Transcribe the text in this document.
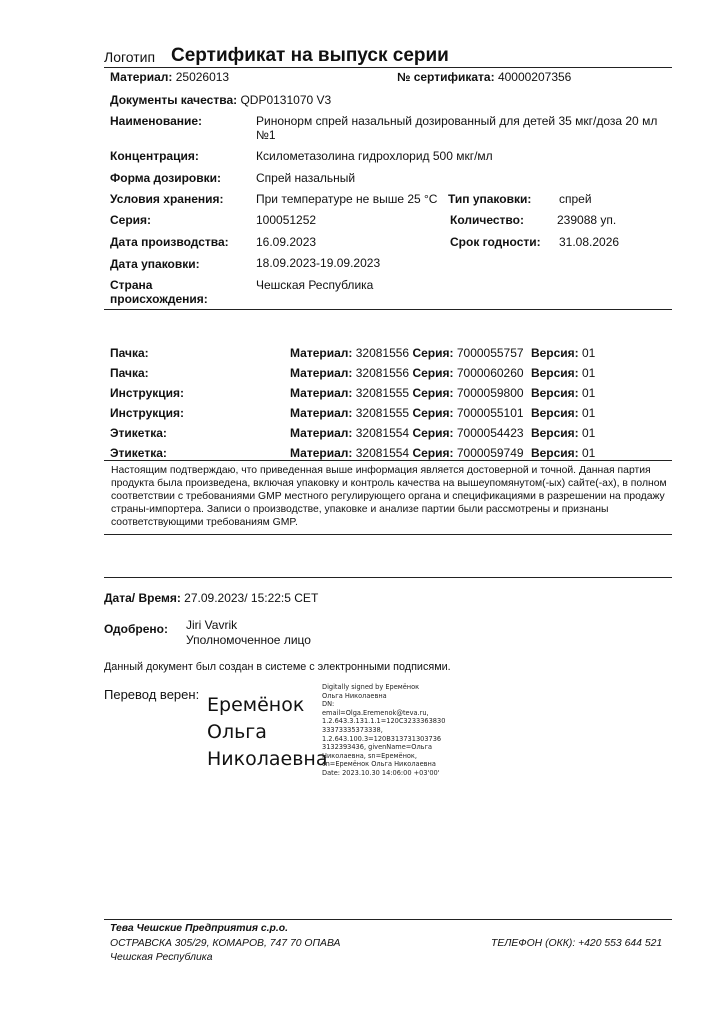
Логотип Сертификат на выпуск серии
Материал: 25026013	№ сертификата: 40000207356
Документы качества: QDP0131070 V3
Наименование:	Ринонорм спрей назальный дозированный для детей 35 мкг/доза 20 мл
№1
Концентрация:	Ксилометазолина гидрохлорид 500 мкг/мл
Форма дозировки:	Спрей назальный
Условия хранения:	При температуре не выше 25 °C Тип упаковки: спрей
Серия:	100051252	Количество:	239088 уп.
Дата производства: 16.09.2023	Срок годности: 31.08.2026
Дата упаковки:	18.09.2023-19.09.2023
Страна
происхождения:
Чешская Республика
Пачка:	Материал: 32081556 Серия: 7000055757 Версия: 01
Пачка:	Материал: 32081556 Серия: 7000060260 Версия: 01
Инструкция:	Материал: 32081555 Серия: 7000059800 Версия: 01
Инструкция:	Материал: 32081555 Серия: 7000055101 Версия: 01
Этикетка:	Материал: 32081554 Серия: 7000054423 Версия: 01
Этикетка:	Материал: 32081554 Серия: 7000059749 Версия: 01
Настоящим подтверждаю, что приведенная выше информация является достоверной и точной. Данная партия продукта была произведена, включая упаковку и контроль качества на вышеупомянутом(-ых) сайте(-ах), в полном соответствии с требованиями GMP местного регулирующего органа и спецификациями в разрешении на продажу страны-импортера. Записи о производстве, упаковке и анализе партии были рассмотрены и признаны соответствующими требованиям GMP.
Дата/ Время: 27.09.2023/ 15:22:5 CET
Одобрено: Jiri Vavrik
Уполномоченное лицо
Данный документ был создан в системе с электронными подписями.
Перевод верен: Еремёнок
Ольга
Николаевна
Digitally signed by Еремёнок
Ольга Николаевна
DN:
email=Olga.Eremenok@teva.ru,
1.2.643.3.131.1.1=120C3233363830
33373335373338,
1.2.643.100.3=120B313731303736
3132393436, givenName=Ольга
Николаевна, sn=Еремёнок,
cn=Еремёнок Ольга Николаевна
Date: 2023.10.30 14:06:00 +03'00'
Тева Чешские Предприятия с.р.о.
ОСТРАВСКА 305/29, КОМАРОВ, 747 70 ОПАВА
Чешская Республика
ТЕЛЕФОН (ОКК): +420 553 644 521
